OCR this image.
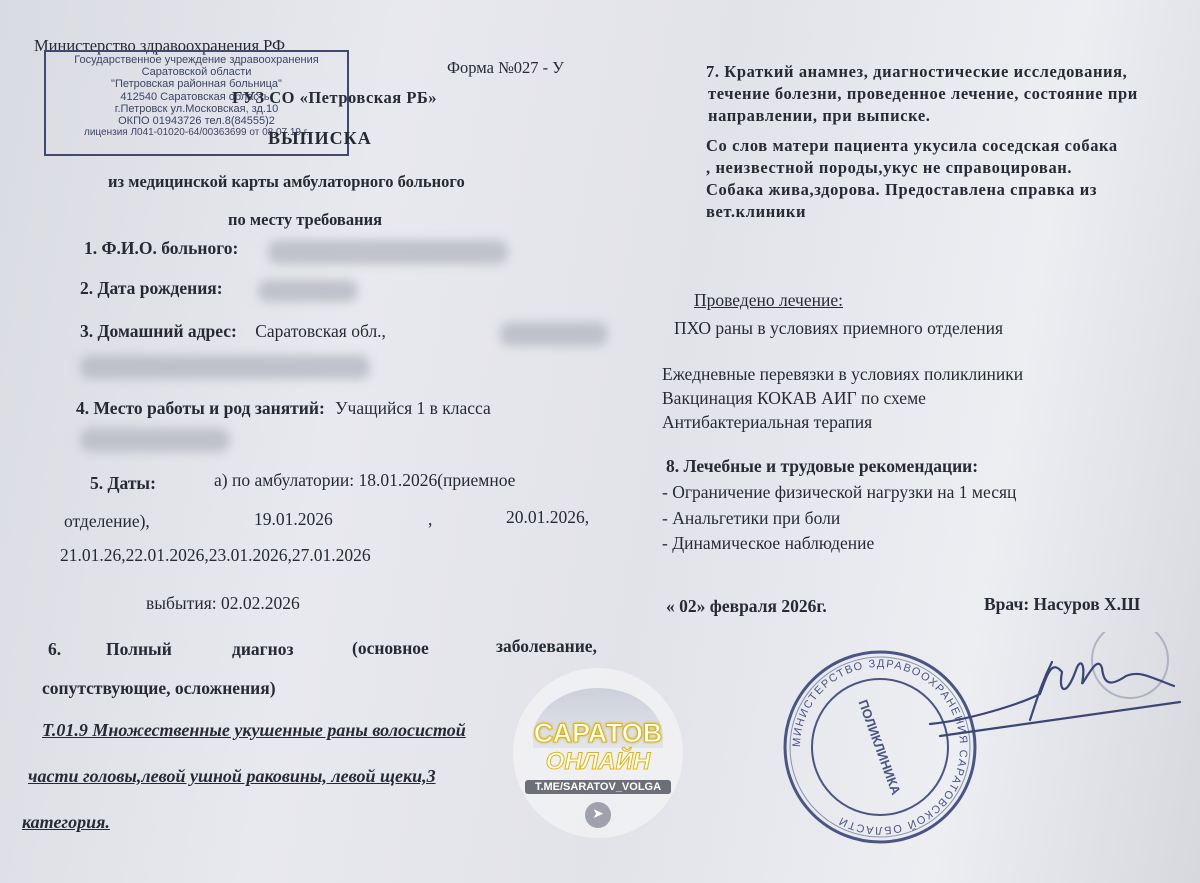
Министерство здравоохранения РФ
Государственное учреждение здравоохранения
Саратовской области
"Петровская районная больница"
412540 Саратовская область,
г.Петровск ул.Московская, зд.10
ОКПО 01943726 тел.8(84555)2
лицензия Л041-01020-64/00363699 от 08.07.19 г.
Форма №027 - У
ГУЗ СО «Петровская РБ»
ВЫПИСКА
из медицинской карты амбулаторного больного
по месту требования
1. Ф.И.О. больного:
2. Дата рождения:
3. Домашний адрес: Саратовская обл.,
4. Место работы и род занятий: Учащийся 1 в класса
5. Даты:	а) по амбулатории: 18.01.2026(приемное
отделение),	19.01.2026	,	20.01.2026,
21.01.26,22.01.2026,23.01.2026,27.01.2026
выбытия: 02.02.2026
6.	Полный	диагноз	(основное	заболевание,
сопутствующие, осложнения)
Т.01.9 Множественные укушенные раны волосистой
части головы,левой ушной раковины, левой щеки,3
категория.
7. Краткий анамнез, диагностические исследования,
течение болезни, проведенное лечение, состояние при
направлении, при выписке.
Со слов матери пациента укусила соседская собака
, неизвестной породы,укус не справоцирован.
Собака жива,здорова. Предоставлена справка из
вет.клиники
Проведено лечение:
ПХО раны в условиях приемного отделения
Ежедневные перевязки в условиях поликлиники
Вакцинация КОКАВ АИГ по схеме
Антибактериальная терапия
8. Лечебные и трудовые рекомендации:
- Ограничение физической нагрузки на 1 месяц
- Анальгетики при боли
- Динамическое наблюдение
« 02» февраля 2026г.	Врач: Насуров Х.Ш
МИНИСТЕРСТВО ЗДРАВООХРАНЕНИЯ САРАТОВСКОЙ ОБЛАСТИ
ПОЛИКЛИНИКА
САРАТОВ
ОНЛАЙН
T.ME/SARATOV_VOLGA
➤
